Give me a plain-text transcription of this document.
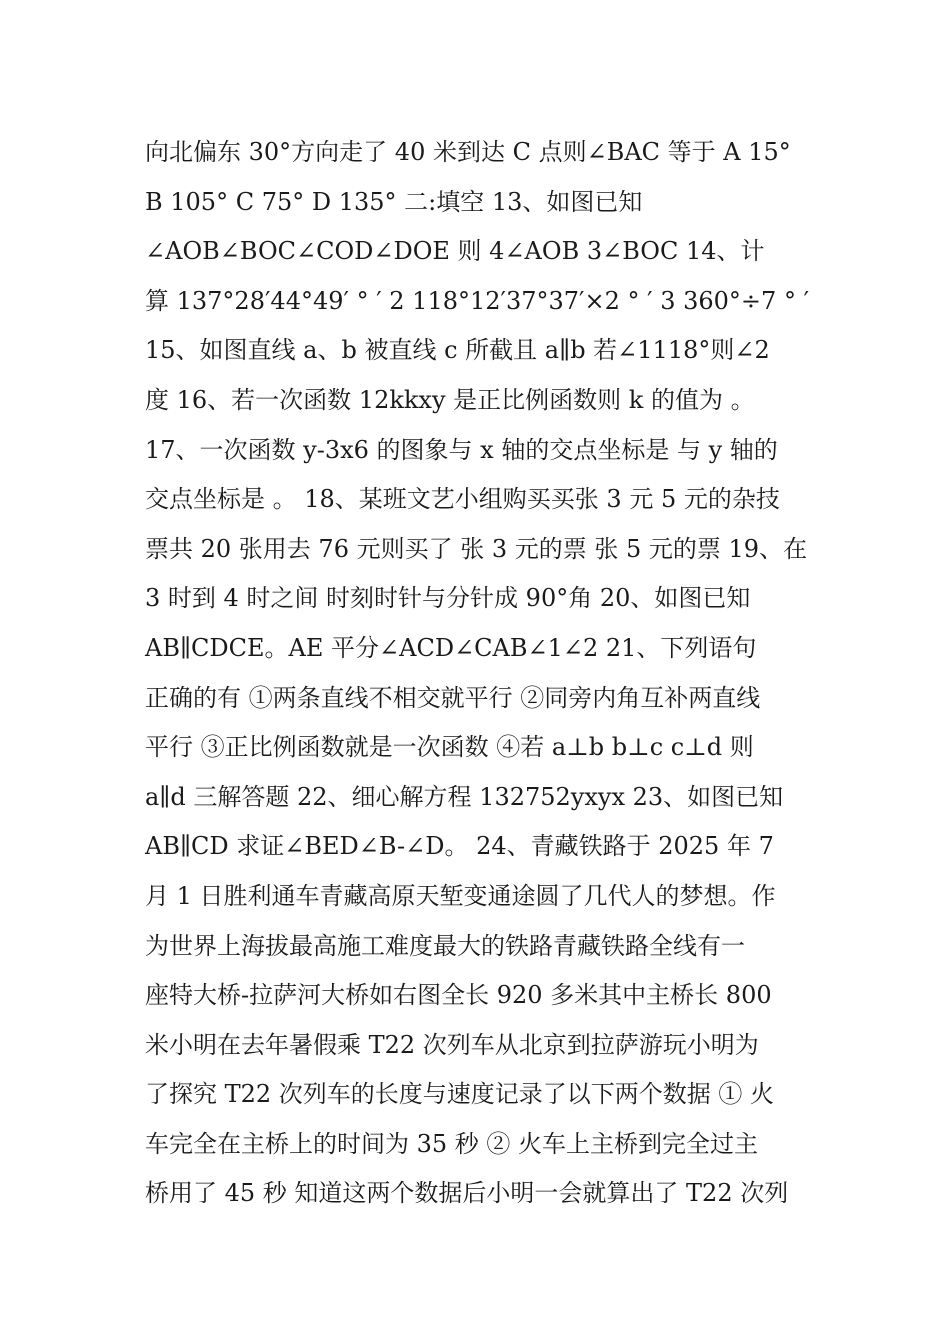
向北偏东 30°方向走了 40 米到达 C 点则∠BAC 等于 A 15°
B 105° C 75° D 135° 二:填空 13、如图已知
∠AOB∠BOC∠COD∠DOE 则 4∠AOB 3∠BOC 14、计
算 137°28′44°49′ ° ′ 2 118°12′37°37′×2 ° ′ 3 360°÷7 ° ′
15、如图直线 a、b 被直线 c 所截且 a∥b 若∠1118°则∠2
度 16、若一次函数 12kkxy 是正比例函数则 k 的值为 。
17、一次函数 y-3x6 的图象与 x 轴的交点坐标是 与 y 轴的
交点坐标是 。 18、某班文艺小组购买买张 3 元 5 元的杂技
票共 20 张用去 76 元则买了 张 3 元的票 张 5 元的票 19、在
3 时到 4 时之间 时刻时针与分针成 90°角 20、如图已知
AB∥CDCE。AE 平分∠ACD∠CAB∠1∠2 21、下列语句
正确的有 ①两条直线不相交就平行 ②同旁内角互补两直线
平行 ③正比例函数就是一次函数 ④若 a⊥b b⊥c c⊥d 则
a∥d 三解答题 22、细心解方程 132752yxyx 23、如图已知
AB∥CD 求证∠BED∠B-∠D。 24、青藏铁路于 2025 年 7
月 1 日胜利通车青藏高原天堑变通途圆了几代人的梦想。作
为世界上海拔最高施工难度最大的铁路青藏铁路全线有一
座特大桥-拉萨河大桥如右图全长 920 多米其中主桥长 800
米小明在去年暑假乘 T22 次列车从北京到拉萨游玩小明为
了探究 T22 次列车的长度与速度记录了以下两个数据 ① 火
车完全在主桥上的时间为 35 秒 ② 火车上主桥到完全过主
桥用了 45 秒 知道这两个数据后小明一会就算出了 T22 次列
